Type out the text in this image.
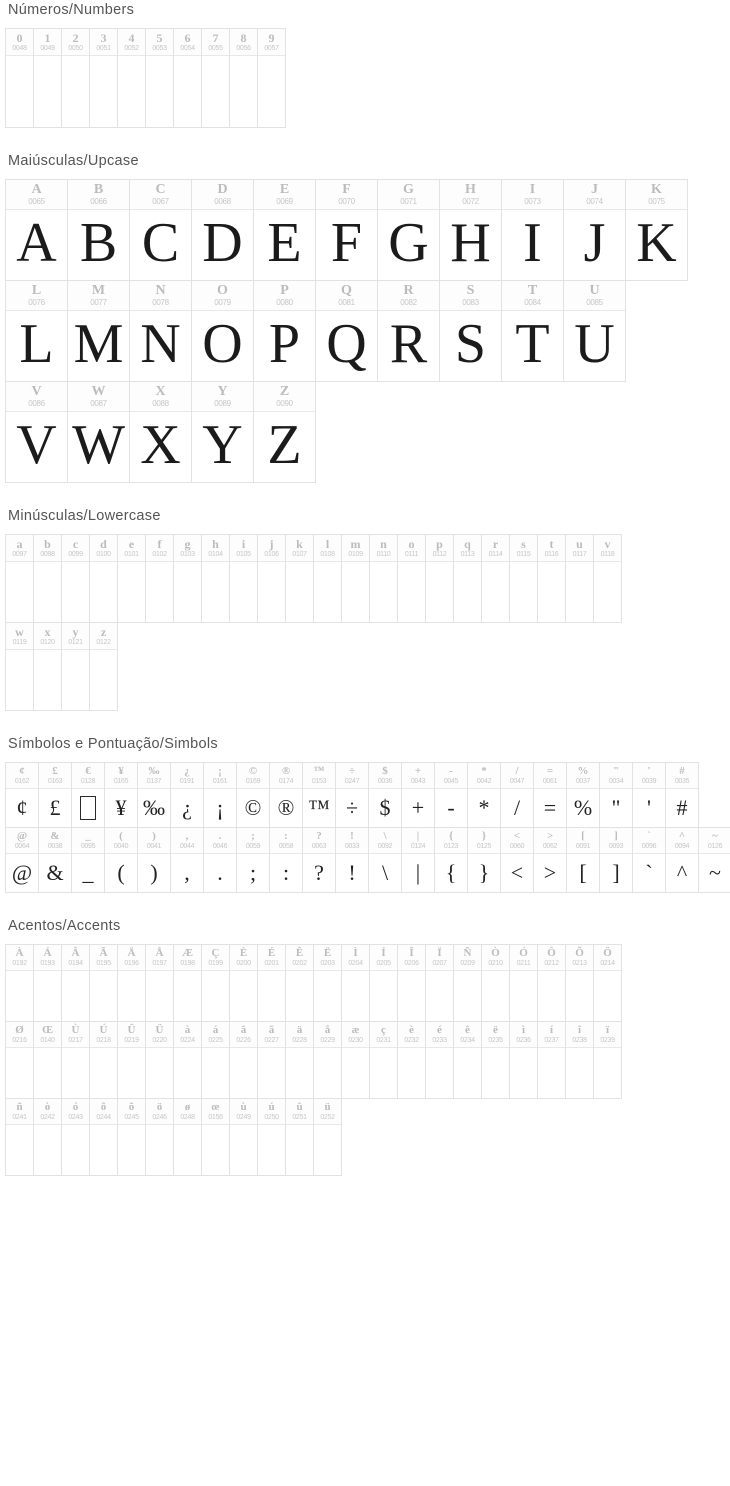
Números/Numbers
0
0048
1
0049
2
0050
3
0051
4
0052
5
0053
6
0054
7
0055
8
0056
9
0057
Maiúsculas/Upcase
A
0065
A
B
0066
B
C
0067
C
D
0068
D
E
0069
E
F
0070
F
G
0071
G
H
0072
H
I
0073
I
J
0074
J
K
0075
K
L
0076
L
M
0077
M
N
0078
N
O
0079
O
P
0080
P
Q
0081
Q
R
0082
R
S
0083
S
T
0084
T
U
0085
U
V
0086
V
W
0087
W
X
0088
X
Y
0089
Y
Z
0090
Z
Minúsculas/Lowercase
a
0097
b
0098
c
0099
d
0100
e
0101
f
0102
g
0103
h
0104
i
0105
j
0106
k
0107
l
0108
m
0109
n
0110
o
0111
p
0112
q
0113
r
0114
s
0115
t
0116
u
0117
v
0118
w
0119
x
0120
y
0121
z
0122
Símbolos e Pontuação/Simbols
¢
0162
¢
£
0163
£
€
0128
¥
0165
¥
‰
0137
‰
¿
0191
¿
¡
0161
¡
©
0169
©
®
0174
®
™
0153
™
÷
0247
÷
$
0036
$
+
0043
+
-
0045
-
*
0042
*
/
0047
/
=
0061
=
%
0037
%
"
0034
"
'
0039
'
#
0035
#
@
0064
@
&
0038
&
_
0095
_
(
0040
(
)
0041
)
,
0044
,
.
0046
.
;
0059
;
:
0058
:
?
0063
?
!
0033
!
\
0092
\
|
0124
|
{
0123
{
}
0125
}
<
0060
<
>
0062
>
[
0091
[
]
0093
]
`
0096
`
^
0094
^
~
0126
~
Acentos/Accents
À
0192
Á
0193
Â
0194
Ã
0195
Ä
0196
Å
0197
Æ
0198
Ç
0199
È
0200
É
0201
Ê
0202
Ë
0203
Ì
0204
Í
0205
Î
0206
Ï
0207
Ñ
0209
Ò
0210
Ó
0211
Ô
0212
Õ
0213
Ö
0214
Ø
0216
Œ
0140
Ù
0217
Ú
0218
Û
0219
Ü
0220
à
0224
á
0225
â
0226
ã
0227
ä
0228
å
0229
æ
0230
ç
0231
è
0232
é
0233
ê
0234
ë
0235
ì
0236
í
0237
î
0238
ï
0239
ñ
0241
ò
0242
ó
0243
ô
0244
õ
0245
ö
0246
ø
0248
œ
0156
ù
0249
ú
0250
û
0251
ü
0252
